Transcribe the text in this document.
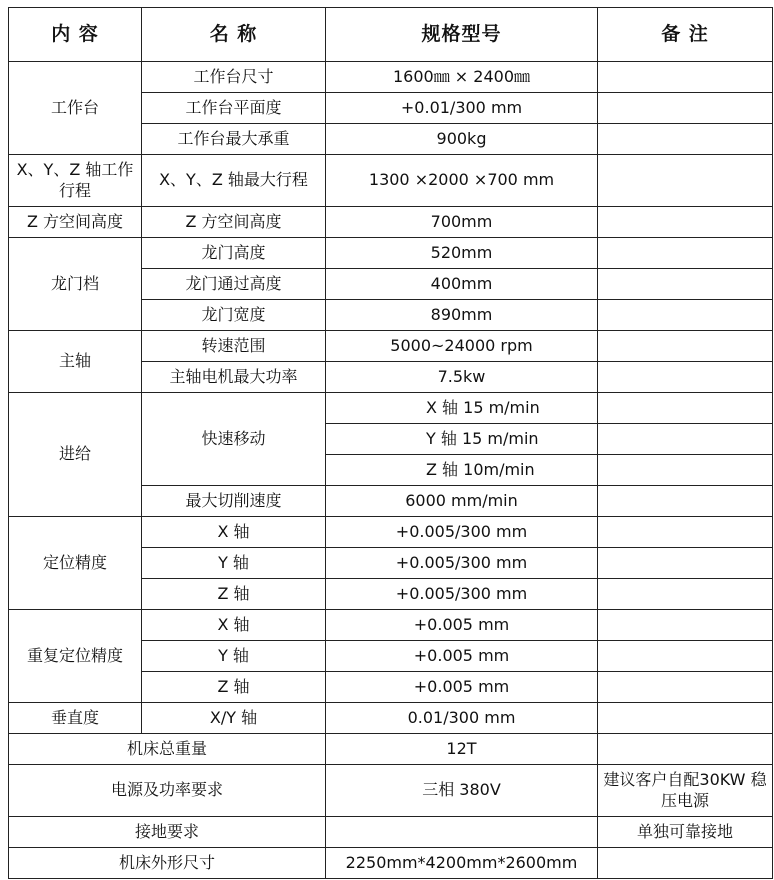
内 容	名 称	规格型号	备 注
工作台	工作台尺寸	1600㎜ × 2400㎜	
	工作台平面度	+0.01/300 mm	
	工作台最大承重	900kg	
X、Y、Z 轴工作行程	X、Y、Z 轴最大行程	1300 ×2000 ×700 mm	
Z 方空间高度	Z 方空间高度	700mm	
龙门档	龙门高度	520mm	
	龙门通过高度	400mm	
	龙门宽度	890mm	
主轴	转速范围	5000~24000 rpm	
	主轴电机最大功率	7.5kw	
进给	快速移动	X 轴 15 m/min	
		Y 轴 15 m/min	
		Z 轴 10m/min	
	最大切削速度	6000 mm/min	
定位精度	X 轴	+0.005/300 mm	
	Y 轴	+0.005/300 mm	
	Z 轴	+0.005/300 mm	
重复定位精度	X 轴	+0.005 mm	
	Y 轴	+0.005 mm	
	Z 轴	+0.005 mm	
垂直度	X/Y 轴	0.01/300 mm	
机床总重量		12T	
电源及功率要求		三相 380V	建议客户自配30KW 稳压电源
接地要求			单独可靠接地
机床外形尺寸		2250mm*4200mm*2600mm	
